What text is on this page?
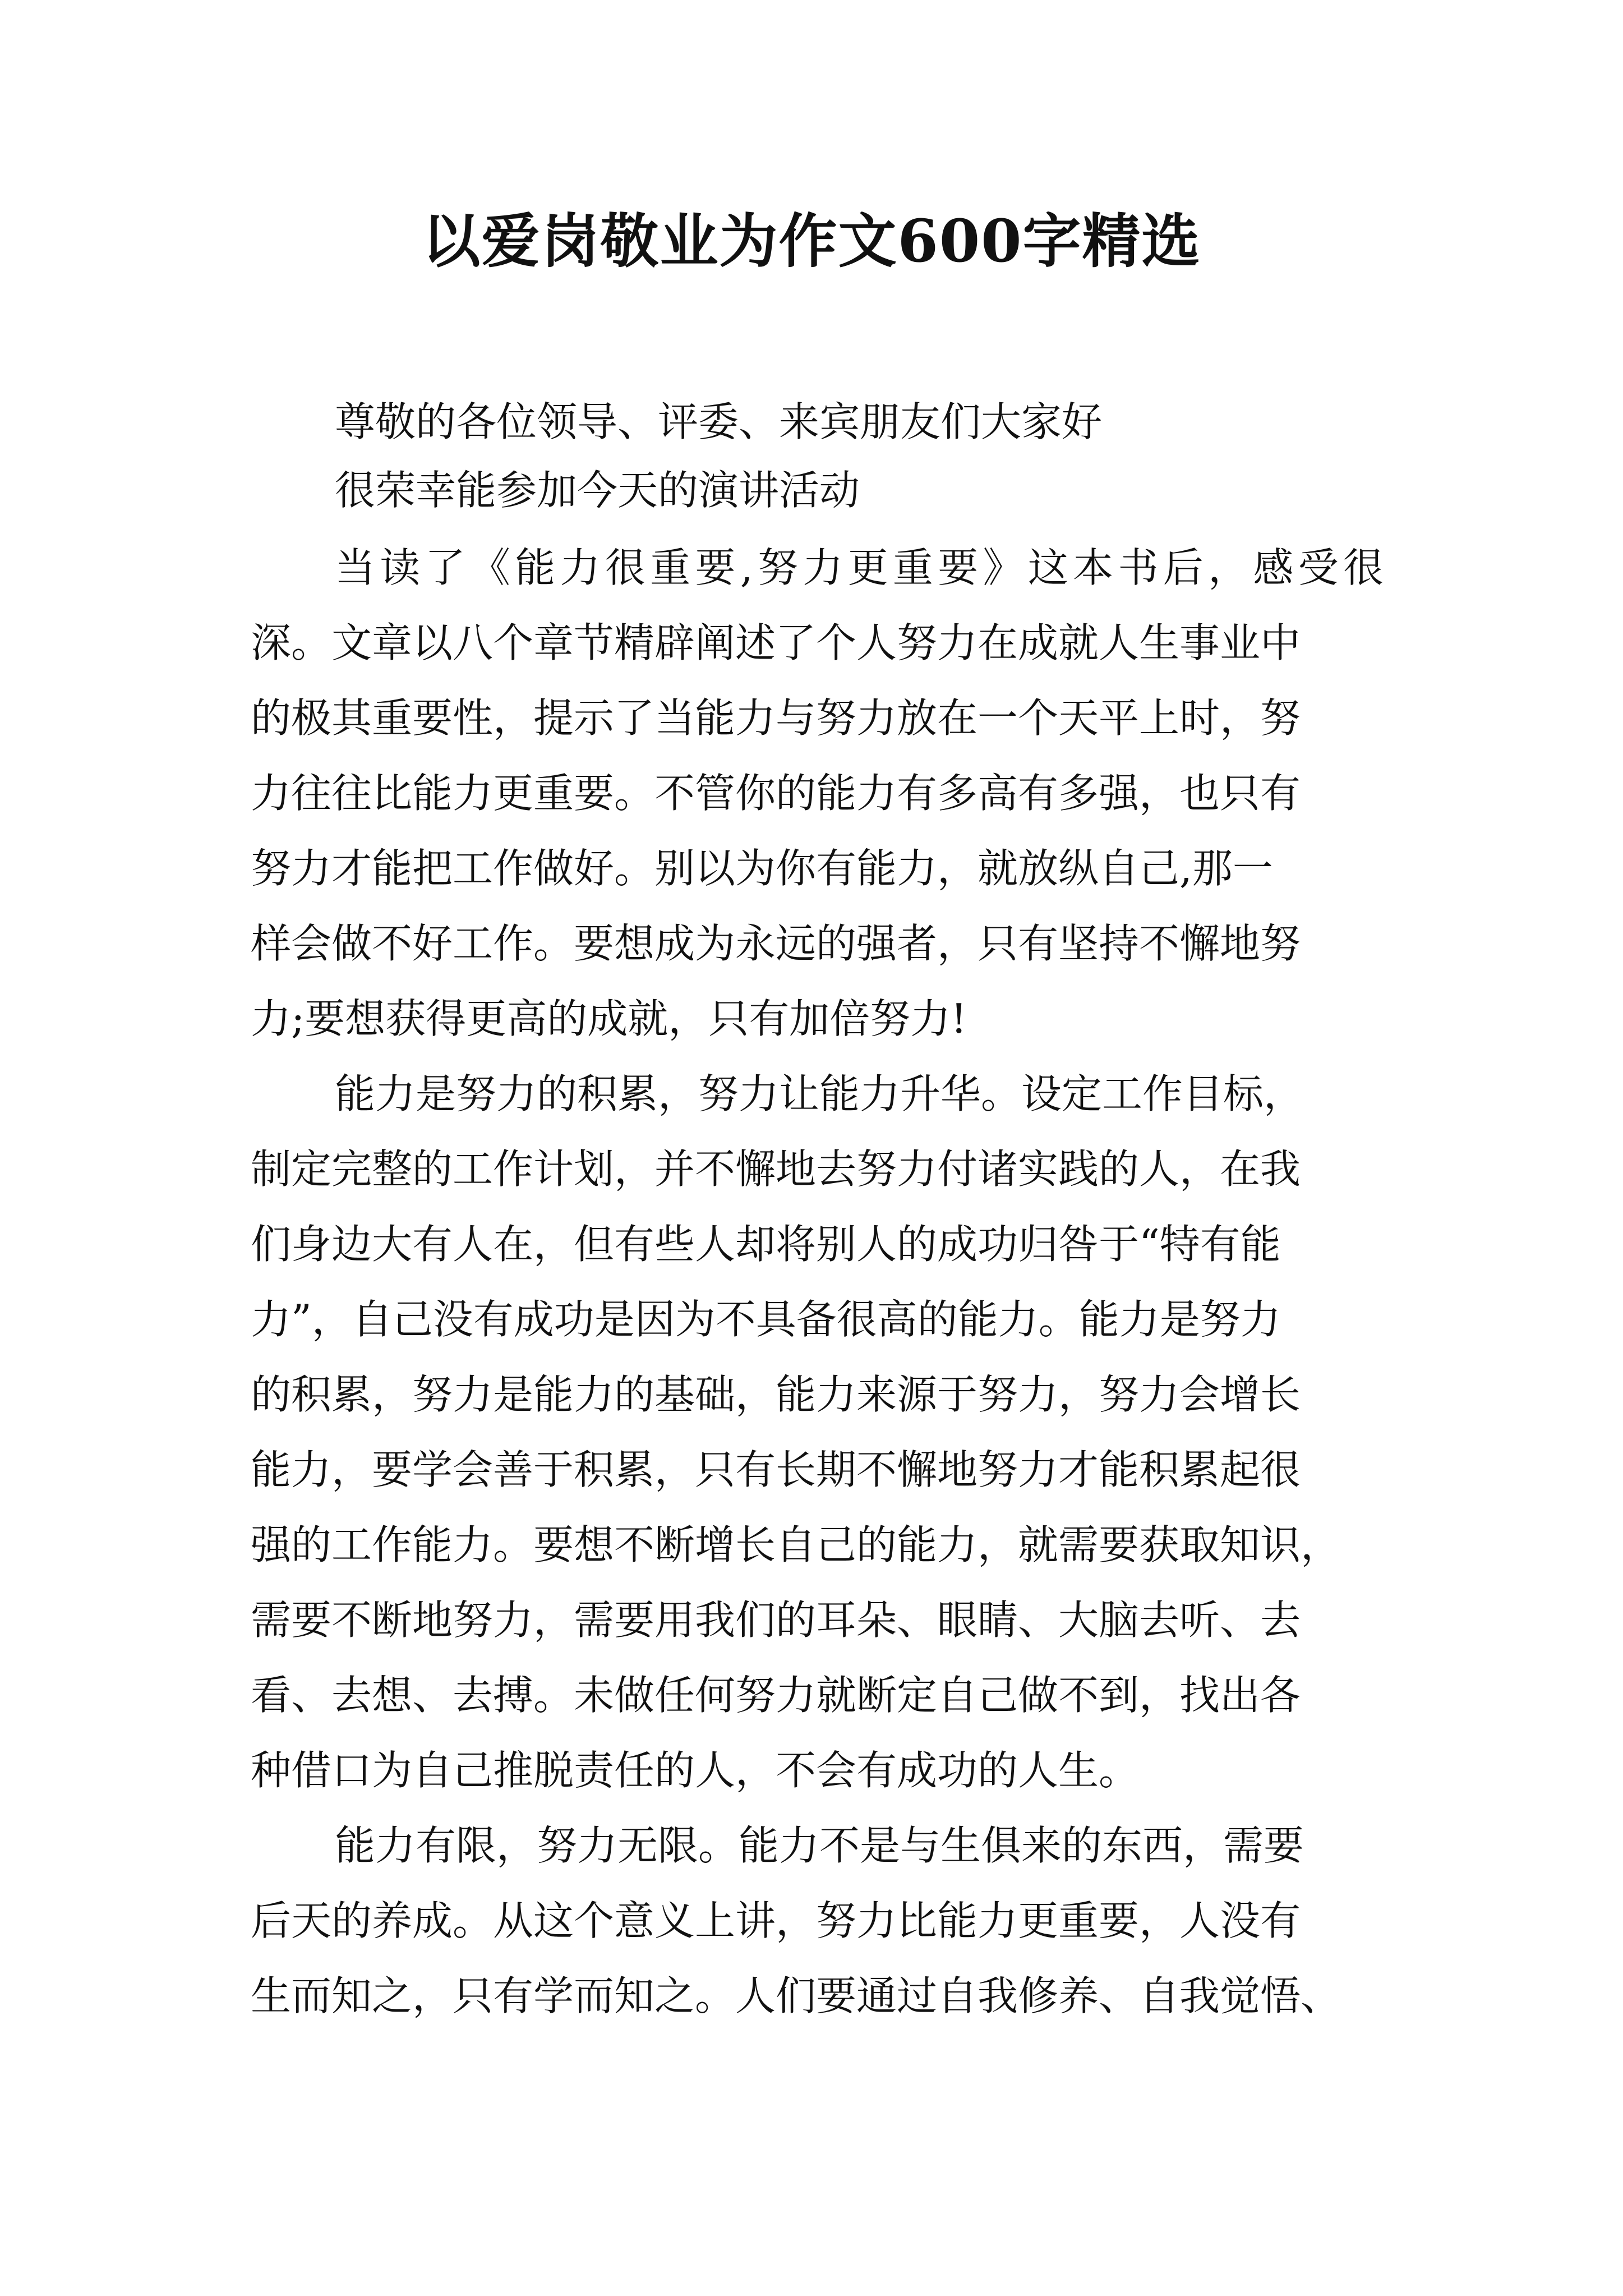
以爱岗敬业为作文600字精选
尊敬的各位领导、评委、来宾朋友们大家好
很荣幸能参加今天的演讲活动
当读了《能力很重要,努力更重要》这本书后，感受很
深。文章以八个章节精辟阐述了个人努力在成就人生事业中
的极其重要性，提示了当能力与努力放在一个天平上时，努
力往往比能力更重要。不管你的能力有多高有多强，也只有
努力才能把工作做好。别以为你有能力，就放纵自己,那一
样会做不好工作。要想成为永远的强者，只有坚持不懈地努
力;要想获得更高的成就，只有加倍努力!
能力是努力的积累，努力让能力升华。设定工作目标，
制定完整的工作计划，并不懈地去努力付诸实践的人，在我
们身边大有人在，但有些人却将别人的成功归咎于“特有能
力”，自己没有成功是因为不具备很高的能力。能力是努力
的积累，努力是能力的基础，能力来源于努力，努力会增长
能力，要学会善于积累，只有长期不懈地努力才能积累起很
强的工作能力。要想不断增长自己的能力，就需要获取知识，
需要不断地努力，需要用我们的耳朵、眼睛、大脑去听、去
看、去想、去搏。未做任何努力就断定自己做不到，找出各
种借口为自己推脱责任的人，不会有成功的人生。
能力有限，努力无限。能力不是与生俱来的东西，需要
后天的养成。从这个意义上讲，努力比能力更重要，人没有
生而知之，只有学而知之。人们要通过自我修养、自我觉悟、
